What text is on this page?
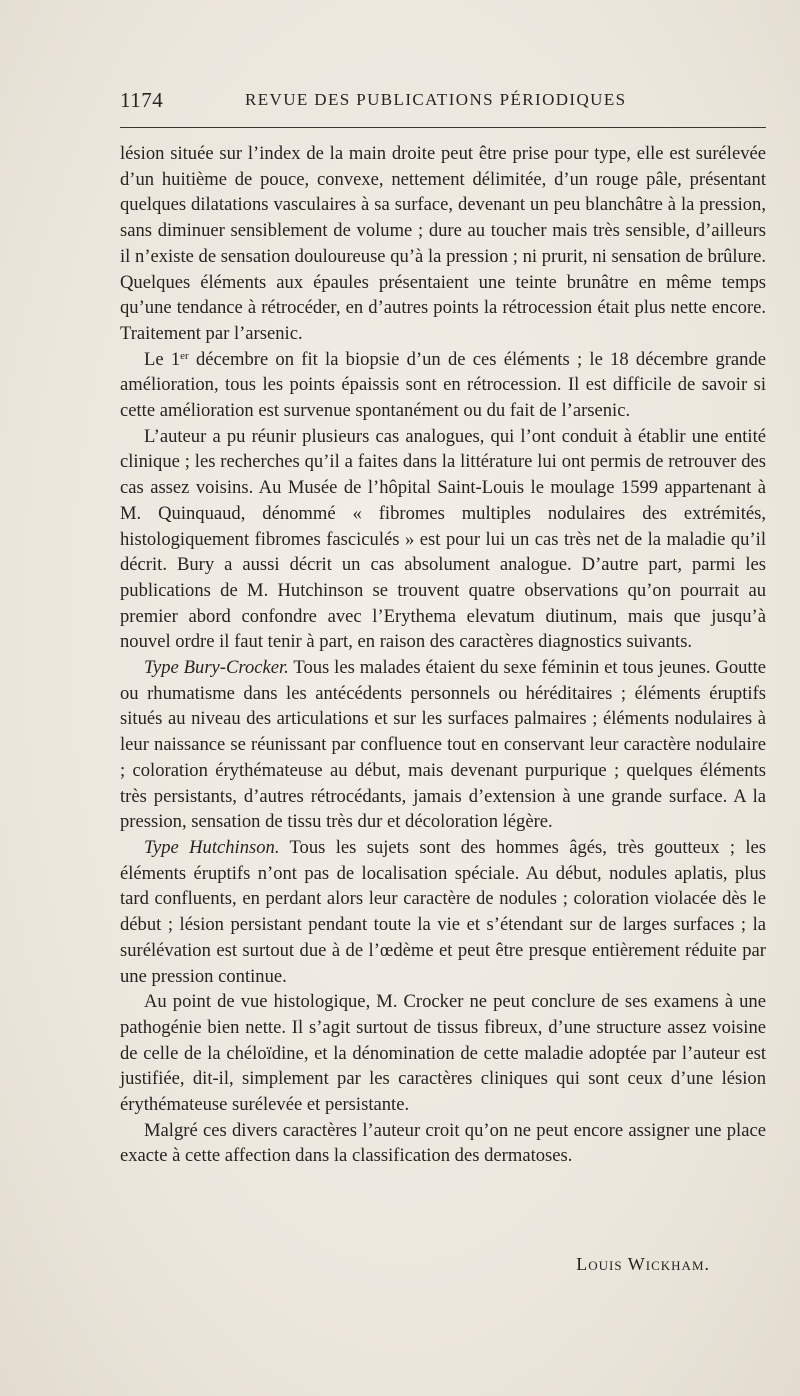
1174	REVUE DES PUBLICATIONS PÉRIODIQUES

lésion située sur l’index de la main droite peut être prise pour type, elle est surélevée d’un huitième de pouce, convexe, nettement délimitée, d’un rouge pâle, présentant quelques dilatations vasculaires à sa surface, devenant un peu blanchâtre à la pression, sans diminuer sensiblement de volume ; dure au toucher mais très sensible, d’ailleurs il n’existe de sensation douloureuse qu’à la pression ; ni prurit, ni sensation de brûlure. Quelques éléments aux épaules présentaient une teinte brunâtre en même temps qu’une tendance à rétrocéder, en d’autres points la rétrocession était plus nette encore. Traitement par l’arsenic.

Le 1er décembre on fit la biopsie d’un de ces éléments ; le 18 décembre grande amélioration, tous les points épaissis sont en rétrocession. Il est difficile de savoir si cette amélioration est survenue spontanément ou du fait de l’arsenic.

L’auteur a pu réunir plusieurs cas analogues, qui l’ont conduit à établir une entité clinique ; les recherches qu’il a faites dans la littérature lui ont permis de retrouver des cas assez voisins. Au Musée de l’hôpital Saint-Louis le moulage 1599 appartenant à M. Quinquaud, dénommé « fibromes multiples nodulaires des extrémités, histologiquement fibromes fasciculés » est pour lui un cas très net de la maladie qu’il décrit. Bury a aussi décrit un cas absolument analogue. D’autre part, parmi les publications de M. Hutchinson se trouvent quatre observations qu’on pourrait au premier abord confondre avec l’Erythema elevatum diutinum, mais que jusqu’à nouvel ordre il faut tenir à part, en raison des caractères diagnostics suivants.

Type Bury-Crocker. Tous les malades étaient du sexe féminin et tous jeunes. Goutte ou rhumatisme dans les antécédents personnels ou héréditaires ; éléments éruptifs situés au niveau des articulations et sur les surfaces palmaires ; éléments nodulaires à leur naissance se réunissant par confluence tout en conservant leur caractère nodulaire ; coloration érythémateuse au début, mais devenant purpurique ; quelques éléments très persistants, d’autres rétrocédants, jamais d’extension à une grande surface. A la pression, sensation de tissu très dur et décoloration légère.

Type Hutchinson. Tous les sujets sont des hommes âgés, très goutteux ; les éléments éruptifs n’ont pas de localisation spéciale. Au début, nodules aplatis, plus tard confluents, en perdant alors leur caractère de nodules ; coloration violacée dès le début ; lésion persistant pendant toute la vie et s’étendant sur de larges surfaces ; la surélévation est surtout due à de l’œdème et peut être presque entièrement réduite par une pression continue.

Au point de vue histologique, M. Crocker ne peut conclure de ses examens à une pathogénie bien nette. Il s’agit surtout de tissus fibreux, d’une structure assez voisine de celle de la chéloïdine, et la dénomination de cette maladie adoptée par l’auteur est justifiée, dit-il, simplement par les caractères cliniques qui sont ceux d’une lésion érythémateuse surélevée et persistante.

Malgré ces divers caractères l’auteur croit qu’on ne peut encore assigner une place exacte à cette affection dans la classification des dermatoses.

Louis Wickham.
